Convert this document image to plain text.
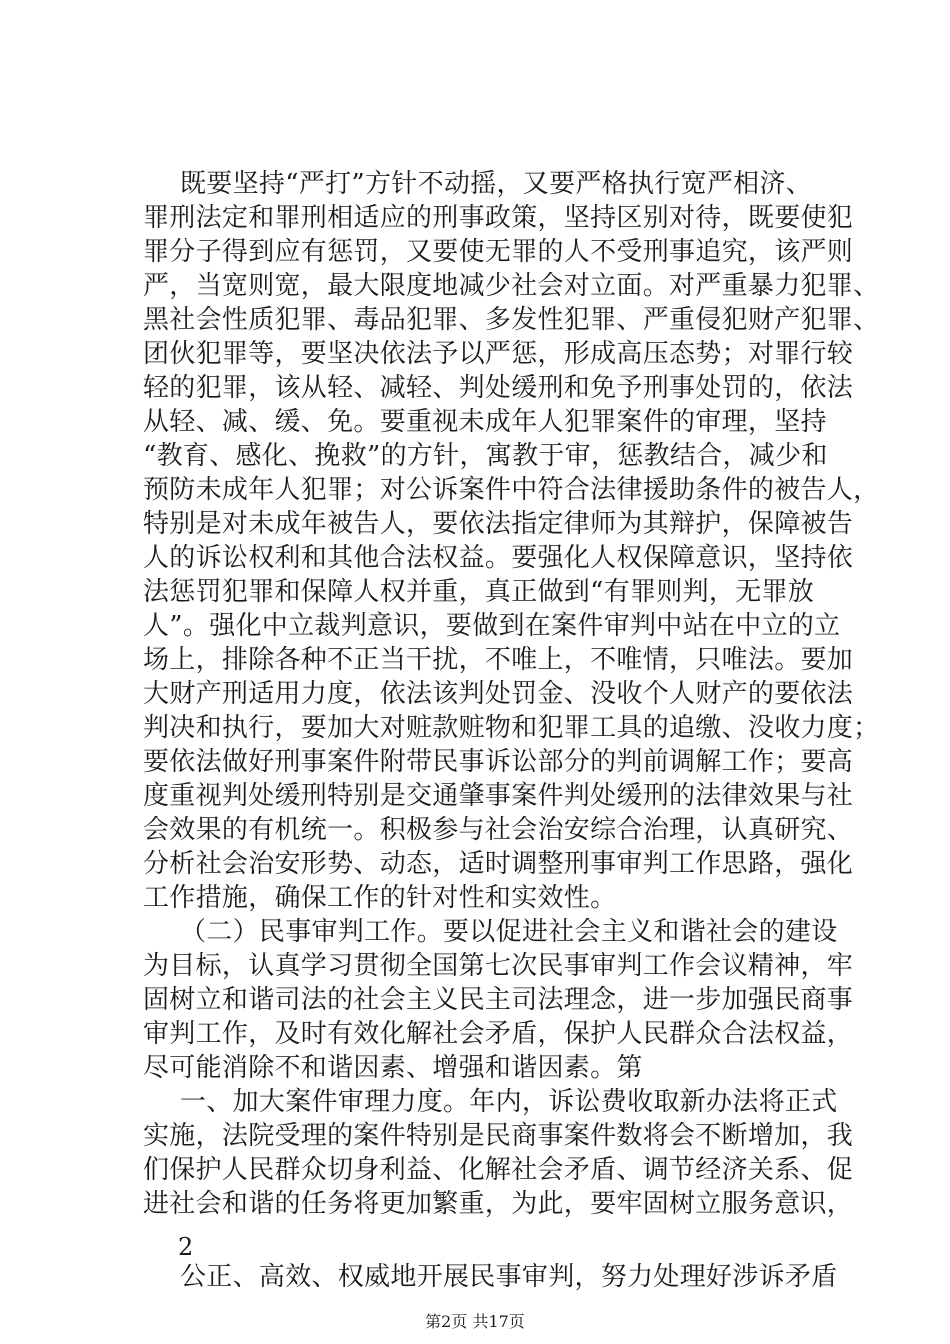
既要坚持“严打”方针不动摇，又要严格执行宽严相济、
罪刑法定和罪刑相适应的刑事政策，坚持区别对待，既要使犯
罪分子得到应有惩罚，又要使无罪的人不受刑事追究，该严则
严，当宽则宽，最大限度地减少社会对立面。对严重暴力犯罪、
黑社会性质犯罪、毒品犯罪、多发性犯罪、严重侵犯财产犯罪、
团伙犯罪等，要坚决依法予以严惩，形成高压态势；对罪行较
轻的犯罪，该从轻、减轻、判处缓刑和免予刑事处罚的，依法
从轻、减、缓、免。要重视未成年人犯罪案件的审理，坚持
“教育、感化、挽救”的方针，寓教于审，惩教结合，减少和
预防未成年人犯罪；对公诉案件中符合法律援助条件的被告人，
特别是对未成年被告人，要依法指定律师为其辩护，保障被告
人的诉讼权利和其他合法权益。要强化人权保障意识，坚持依
法惩罚犯罪和保障人权并重，真正做到“有罪则判，无罪放
人”。强化中立裁判意识，要做到在案件审判中站在中立的立
场上，排除各种不正当干扰，不唯上，不唯情，只唯法。要加
大财产刑适用力度，依法该判处罚金、没收个人财产的要依法
判决和执行，要加大对赃款赃物和犯罪工具的追缴、没收力度；
要依法做好刑事案件附带民事诉讼部分的判前调解工作；要高
度重视判处缓刑特别是交通肇事案件判处缓刑的法律效果与社
会效果的有机统一。积极参与社会治安综合治理，认真研究、
分析社会治安形势、动态，适时调整刑事审判工作思路，强化
工作措施，确保工作的针对性和实效性。
（二）民事审判工作。要以促进社会主义和谐社会的建设
为目标，认真学习贯彻全国第七次民事审判工作会议精神，牢
固树立和谐司法的社会主义民主司法理念，进一步加强民商事
审判工作，及时有效化解社会矛盾，保护人民群众合法权益，
尽可能消除不和谐因素、增强和谐因素。第
一、加大案件审理力度。年内，诉讼费收取新办法将正式
实施，法院受理的案件特别是民商事案件数将会不断增加，我
们保护人民群众切身利益、化解社会矛盾、调节经济关系、促
进社会和谐的任务将更加繁重，为此，要牢固树立服务意识，
2
公正、高效、权威地开展民事审判，努力处理好涉诉矛盾
第2页 共17页
